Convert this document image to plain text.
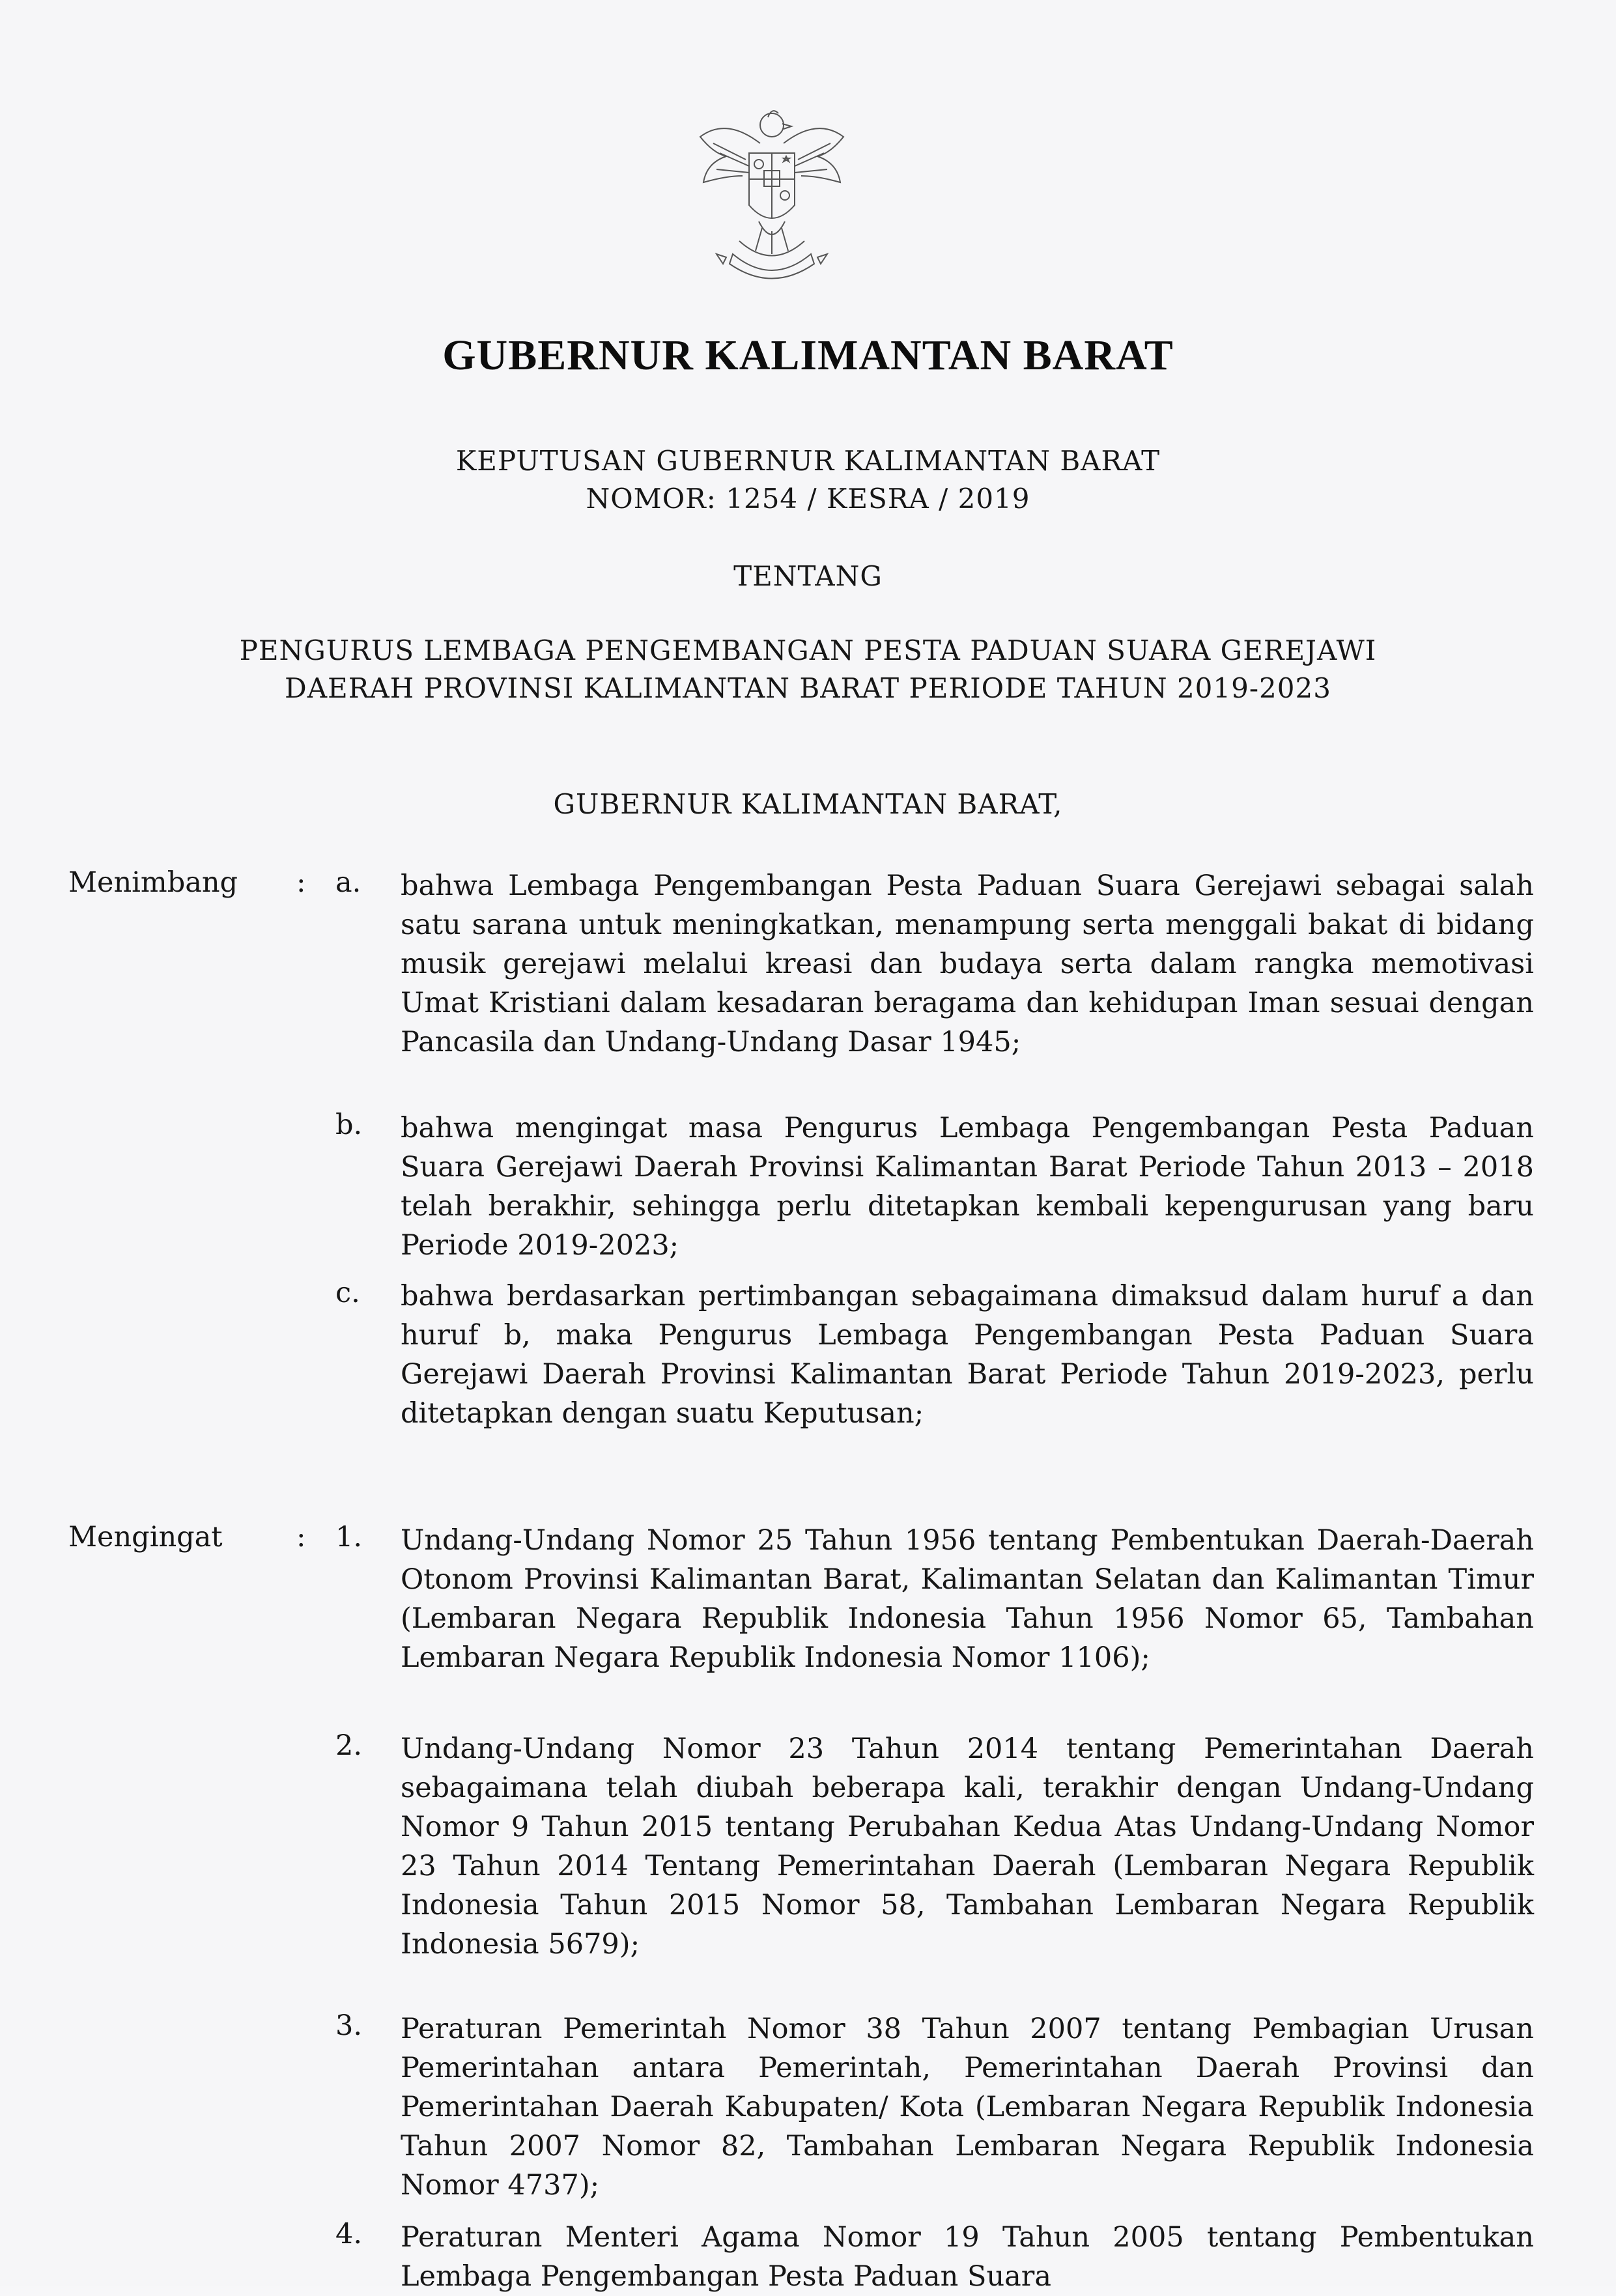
GUBERNUR KALIMANTAN BARAT
KEPUTUSAN GUBERNUR KALIMANTAN BARAT
NOMOR: 1254 / KESRA / 2019
TENTANG
PENGURUS LEMBAGA PENGEMBANGAN PESTA PADUAN SUARA GEREJAWI
DAERAH PROVINSI KALIMANTAN BARAT PERIODE TAHUN 2019-2023
GUBERNUR KALIMANTAN BARAT,
Menimbang : a. bahwa Lembaga Pengembangan Pesta Paduan Suara Gerejawi sebagai salah satu sarana untuk meningkatkan, menampung serta menggali bakat di bidang musik gerejawi melalui kreasi dan budaya serta dalam rangka memotivasi Umat Kristiani dalam kesadaran beragama dan kehidupan Iman sesuai dengan Pancasila dan Undang-Undang Dasar 1945;
b. bahwa mengingat masa Pengurus Lembaga Pengembangan Pesta Paduan Suara Gerejawi Daerah Provinsi Kalimantan Barat Periode Tahun 2013 – 2018 telah berakhir, sehingga perlu ditetapkan kembali kepengurusan yang baru Periode 2019-2023;
c. bahwa berdasarkan pertimbangan sebagaimana dimaksud dalam huruf a dan huruf b, maka Pengurus Lembaga Pengembangan Pesta Paduan Suara Gerejawi Daerah Provinsi Kalimantan Barat Periode Tahun 2019-2023, perlu ditetapkan dengan suatu Keputusan;
Mengingat	: 1. Undang-Undang Nomor 25 Tahun 1956 tentang Pembentukan Daerah-Daerah Otonom Provinsi Kalimantan Barat, Kalimantan Selatan dan Kalimantan Timur (Lembaran Negara Republik Indonesia Tahun 1956 Nomor 65, Tambahan Lembaran Negara Republik Indonesia Nomor 1106);
2. Undang-Undang Nomor 23 Tahun 2014 tentang Pemerintahan Daerah sebagaimana telah diubah beberapa kali, terakhir dengan Undang-Undang Nomor 9 Tahun 2015 tentang Perubahan Kedua Atas Undang-Undang Nomor 23 Tahun 2014 Tentang Pemerintahan Daerah (Lembaran Negara Republik Indonesia Tahun 2015 Nomor 58, Tambahan Lembaran Negara Republik Indonesia 5679);
3. Peraturan Pemerintah Nomor 38 Tahun 2007 tentang Pembagian Urusan Pemerintahan antara Pemerintah, Pemerintahan Daerah Provinsi dan Pemerintahan Daerah Kabupaten/ Kota (Lembaran Negara Republik Indonesia Tahun 2007 Nomor 82, Tambahan Lembaran Negara Republik Indonesia Nomor 4737);
4. Peraturan Menteri Agama Nomor 19 Tahun 2005 tentang Pembentukan Lembaga Pengembangan Pesta Paduan Suara
